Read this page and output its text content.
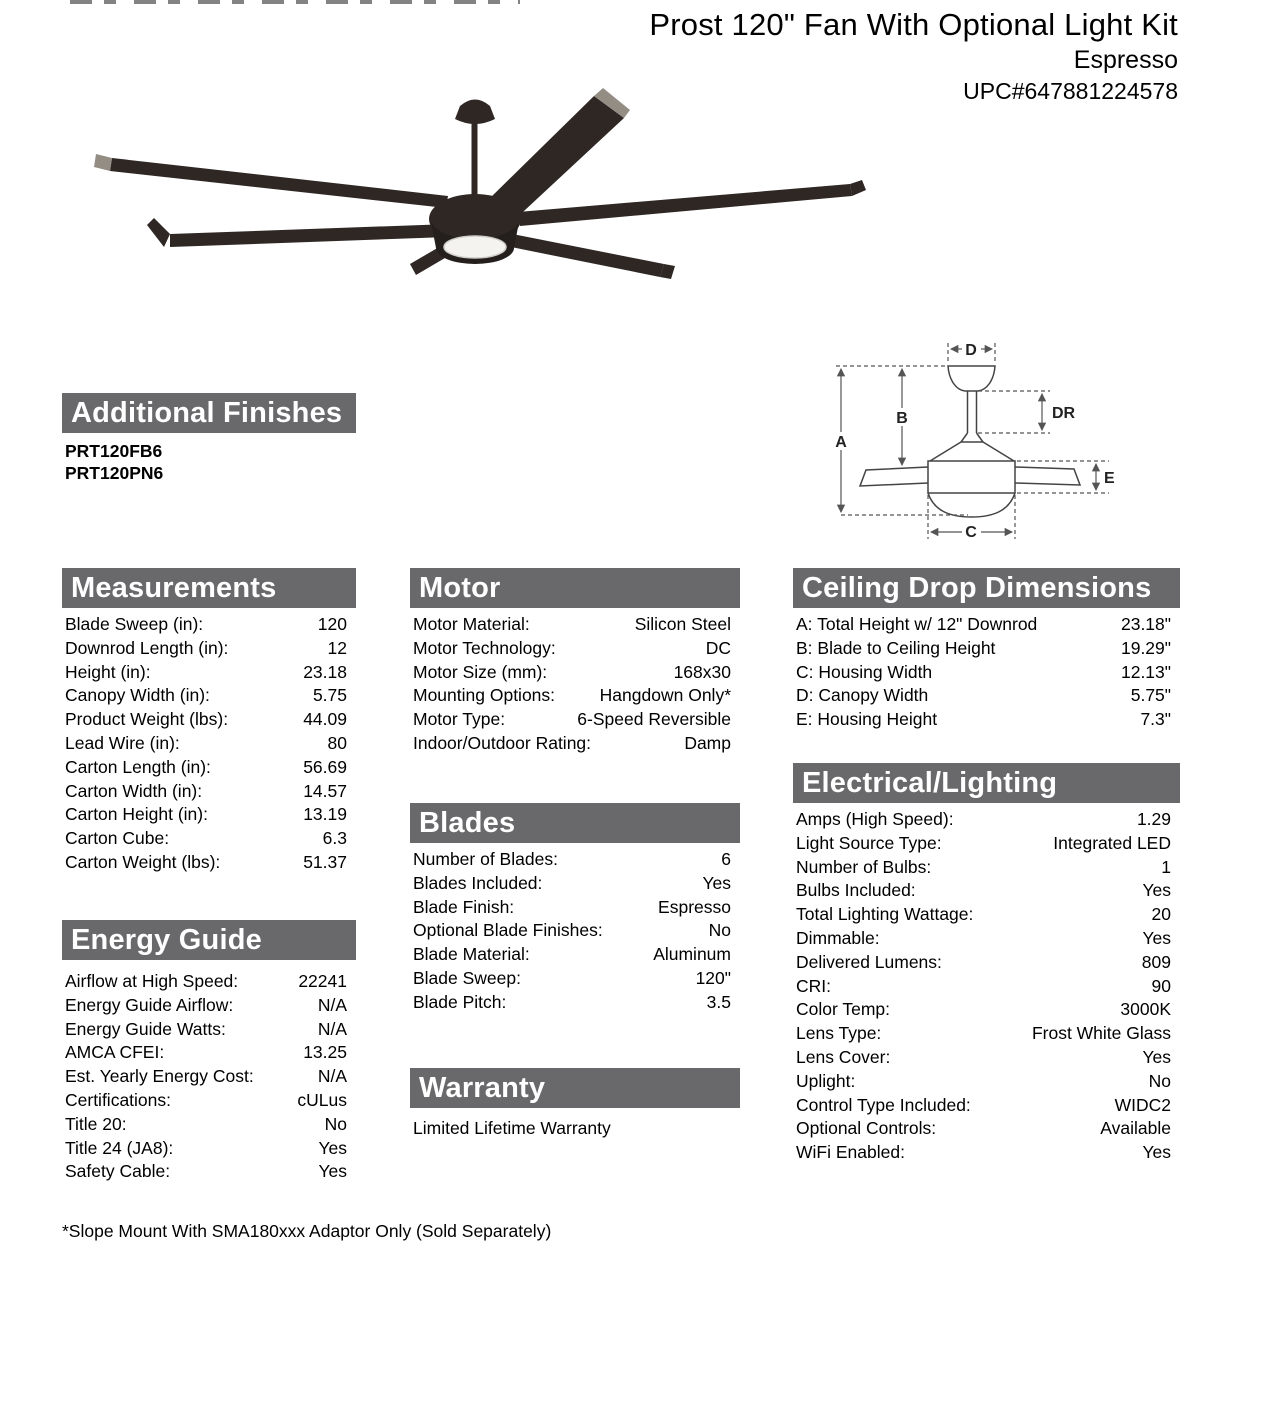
Prost 120" Fan With Optional Light Kit
Espresso
UPC#647881224578
D
B
A
DR
E
C
Additional Finishes
PRT120FB6
PRT120PN6
Measurements
Blade Sweep (in):	120
Downrod Length (in):	12
Height (in):	23.18
Canopy Width (in):	5.75
Product Weight (lbs):	44.09
Lead Wire (in):	80
Carton Length (in):	56.69
Carton Width (in):	14.57
Carton Height (in):	13.19
Carton Cube:	6.3
Carton Weight (lbs):	51.37
Energy Guide
Airflow at High Speed:	22241
Energy Guide Airflow:	N/A
Energy Guide Watts:	N/A
AMCA CFEI:	13.25
Est. Yearly Energy Cost:	N/A
Certifications:	cULus
Title 20:	No
Title 24 (JA8):	Yes
Safety Cable:	Yes
Motor
Motor Material:	Silicon Steel
Motor Technology:	DC
Motor Size (mm):	168x30
Mounting Options:	Hangdown Only*
Motor Type:	6-Speed Reversible
Indoor/Outdoor Rating:	Damp
Blades
Number of Blades:	6
Blades Included:	Yes
Blade Finish:	Espresso
Optional Blade Finishes:	No
Blade Material:	Aluminum
Blade Sweep:	120"
Blade Pitch:	3.5
Warranty
Limited Lifetime Warranty
Ceiling Drop Dimensions
A: Total Height w/ 12" Downrod	23.18"
B: Blade to Ceiling Height	19.29"
C: Housing Width	12.13"
D: Canopy Width	5.75"
E: Housing Height	7.3"
Electrical/Lighting
Amps (High Speed):	1.29
Light Source Type:	Integrated LED
Number of Bulbs:	1
Bulbs Included:	Yes
Total Lighting Wattage:	20
Dimmable:	Yes
Delivered Lumens:	809
CRI:	90
Color Temp:	3000K
Lens Type:	Frost White Glass
Lens Cover:	Yes
Uplight:	No
Control Type Included:	WIDC2
Optional Controls:	Available
WiFi Enabled:	Yes
*Slope Mount With SMA180xxx Adaptor Only (Sold Separately)
